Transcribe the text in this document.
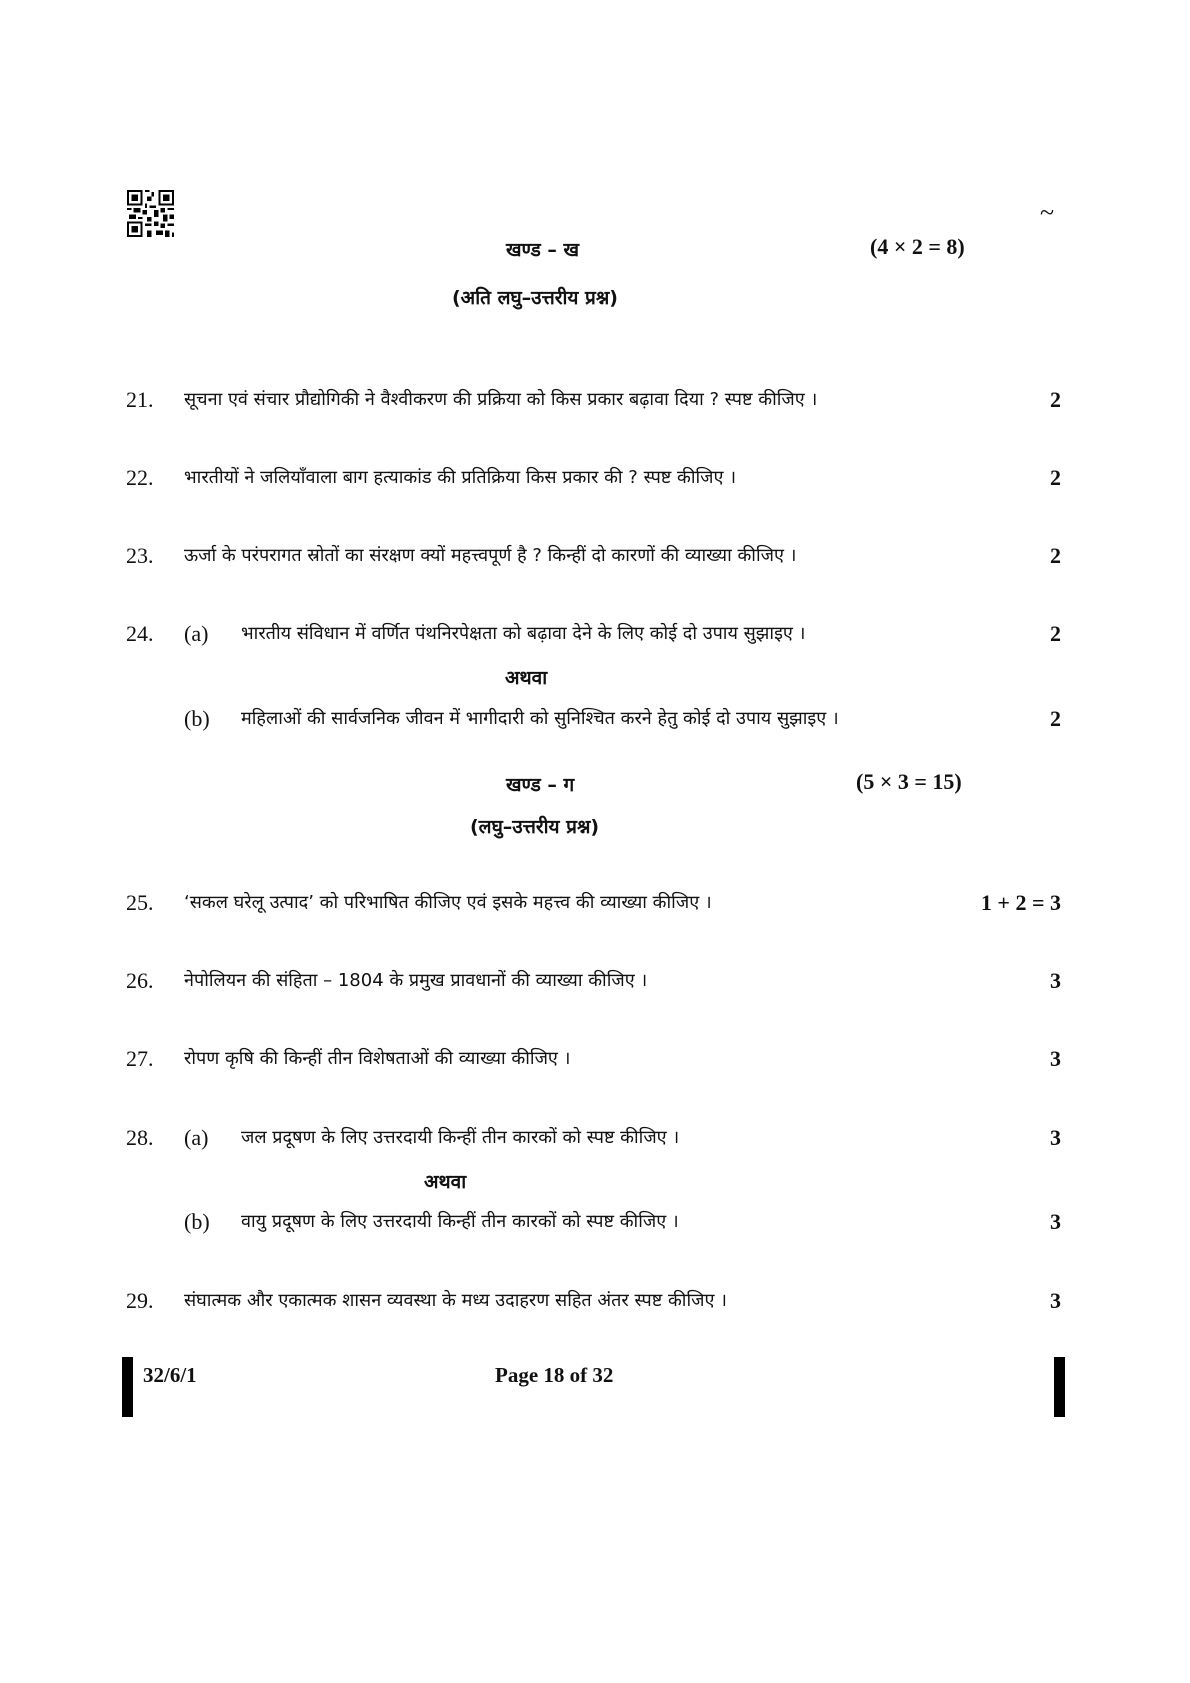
~
खण्ड – ख	(4 × 2 = 8)
(अति लघु–उत्तरीय प्रश्न)
21. सूचना एवं संचार प्रौद्योगिकी ने वैश्वीकरण की प्रक्रिया को किस प्रकार बढ़ावा दिया ? स्पष्ट कीजिए ।	2
22. भारतीयों ने जलियाँवाला बाग हत्याकांड की प्रतिक्रिया किस प्रकार की ? स्पष्ट कीजिए ।	2
23. ऊर्जा के परंपरागत स्रोतों का संरक्षण क्यों महत्त्वपूर्ण है ? किन्हीं दो कारणों की व्याख्या कीजिए ।	2
24. (a) भारतीय संविधान में वर्णित पंथनिरपेक्षता को बढ़ावा देने के लिए कोई दो उपाय सुझाइए ।	2
अथवा
(b) महिलाओं की सार्वजनिक जीवन में भागीदारी को सुनिश्चित करने हेतु कोई दो उपाय सुझाइए ।	2
खण्ड – ग	(5 × 3 = 15)
(लघु–उत्तरीय प्रश्न)
25. ‘सकल घरेलू उत्पाद’ को परिभाषित कीजिए एवं इसके महत्त्व की व्याख्या कीजिए ।	1 + 2 = 3
26. नेपोलियन की संहिता – 1804 के प्रमुख प्रावधानों की व्याख्या कीजिए ।	3
27. रोपण कृषि की किन्हीं तीन विशेषताओं की व्याख्या कीजिए ।	3
28. (a) जल प्रदूषण के लिए उत्तरदायी किन्हीं तीन कारकों को स्पष्ट कीजिए ।	3
अथवा
(b) वायु प्रदूषण के लिए उत्तरदायी किन्हीं तीन कारकों को स्पष्ट कीजिए ।	3
29. संघात्मक और एकात्मक शासन व्यवस्था के मध्य उदाहरण सहित अंतर स्पष्ट कीजिए ।	3
32/6/1	Page 18 of 32
